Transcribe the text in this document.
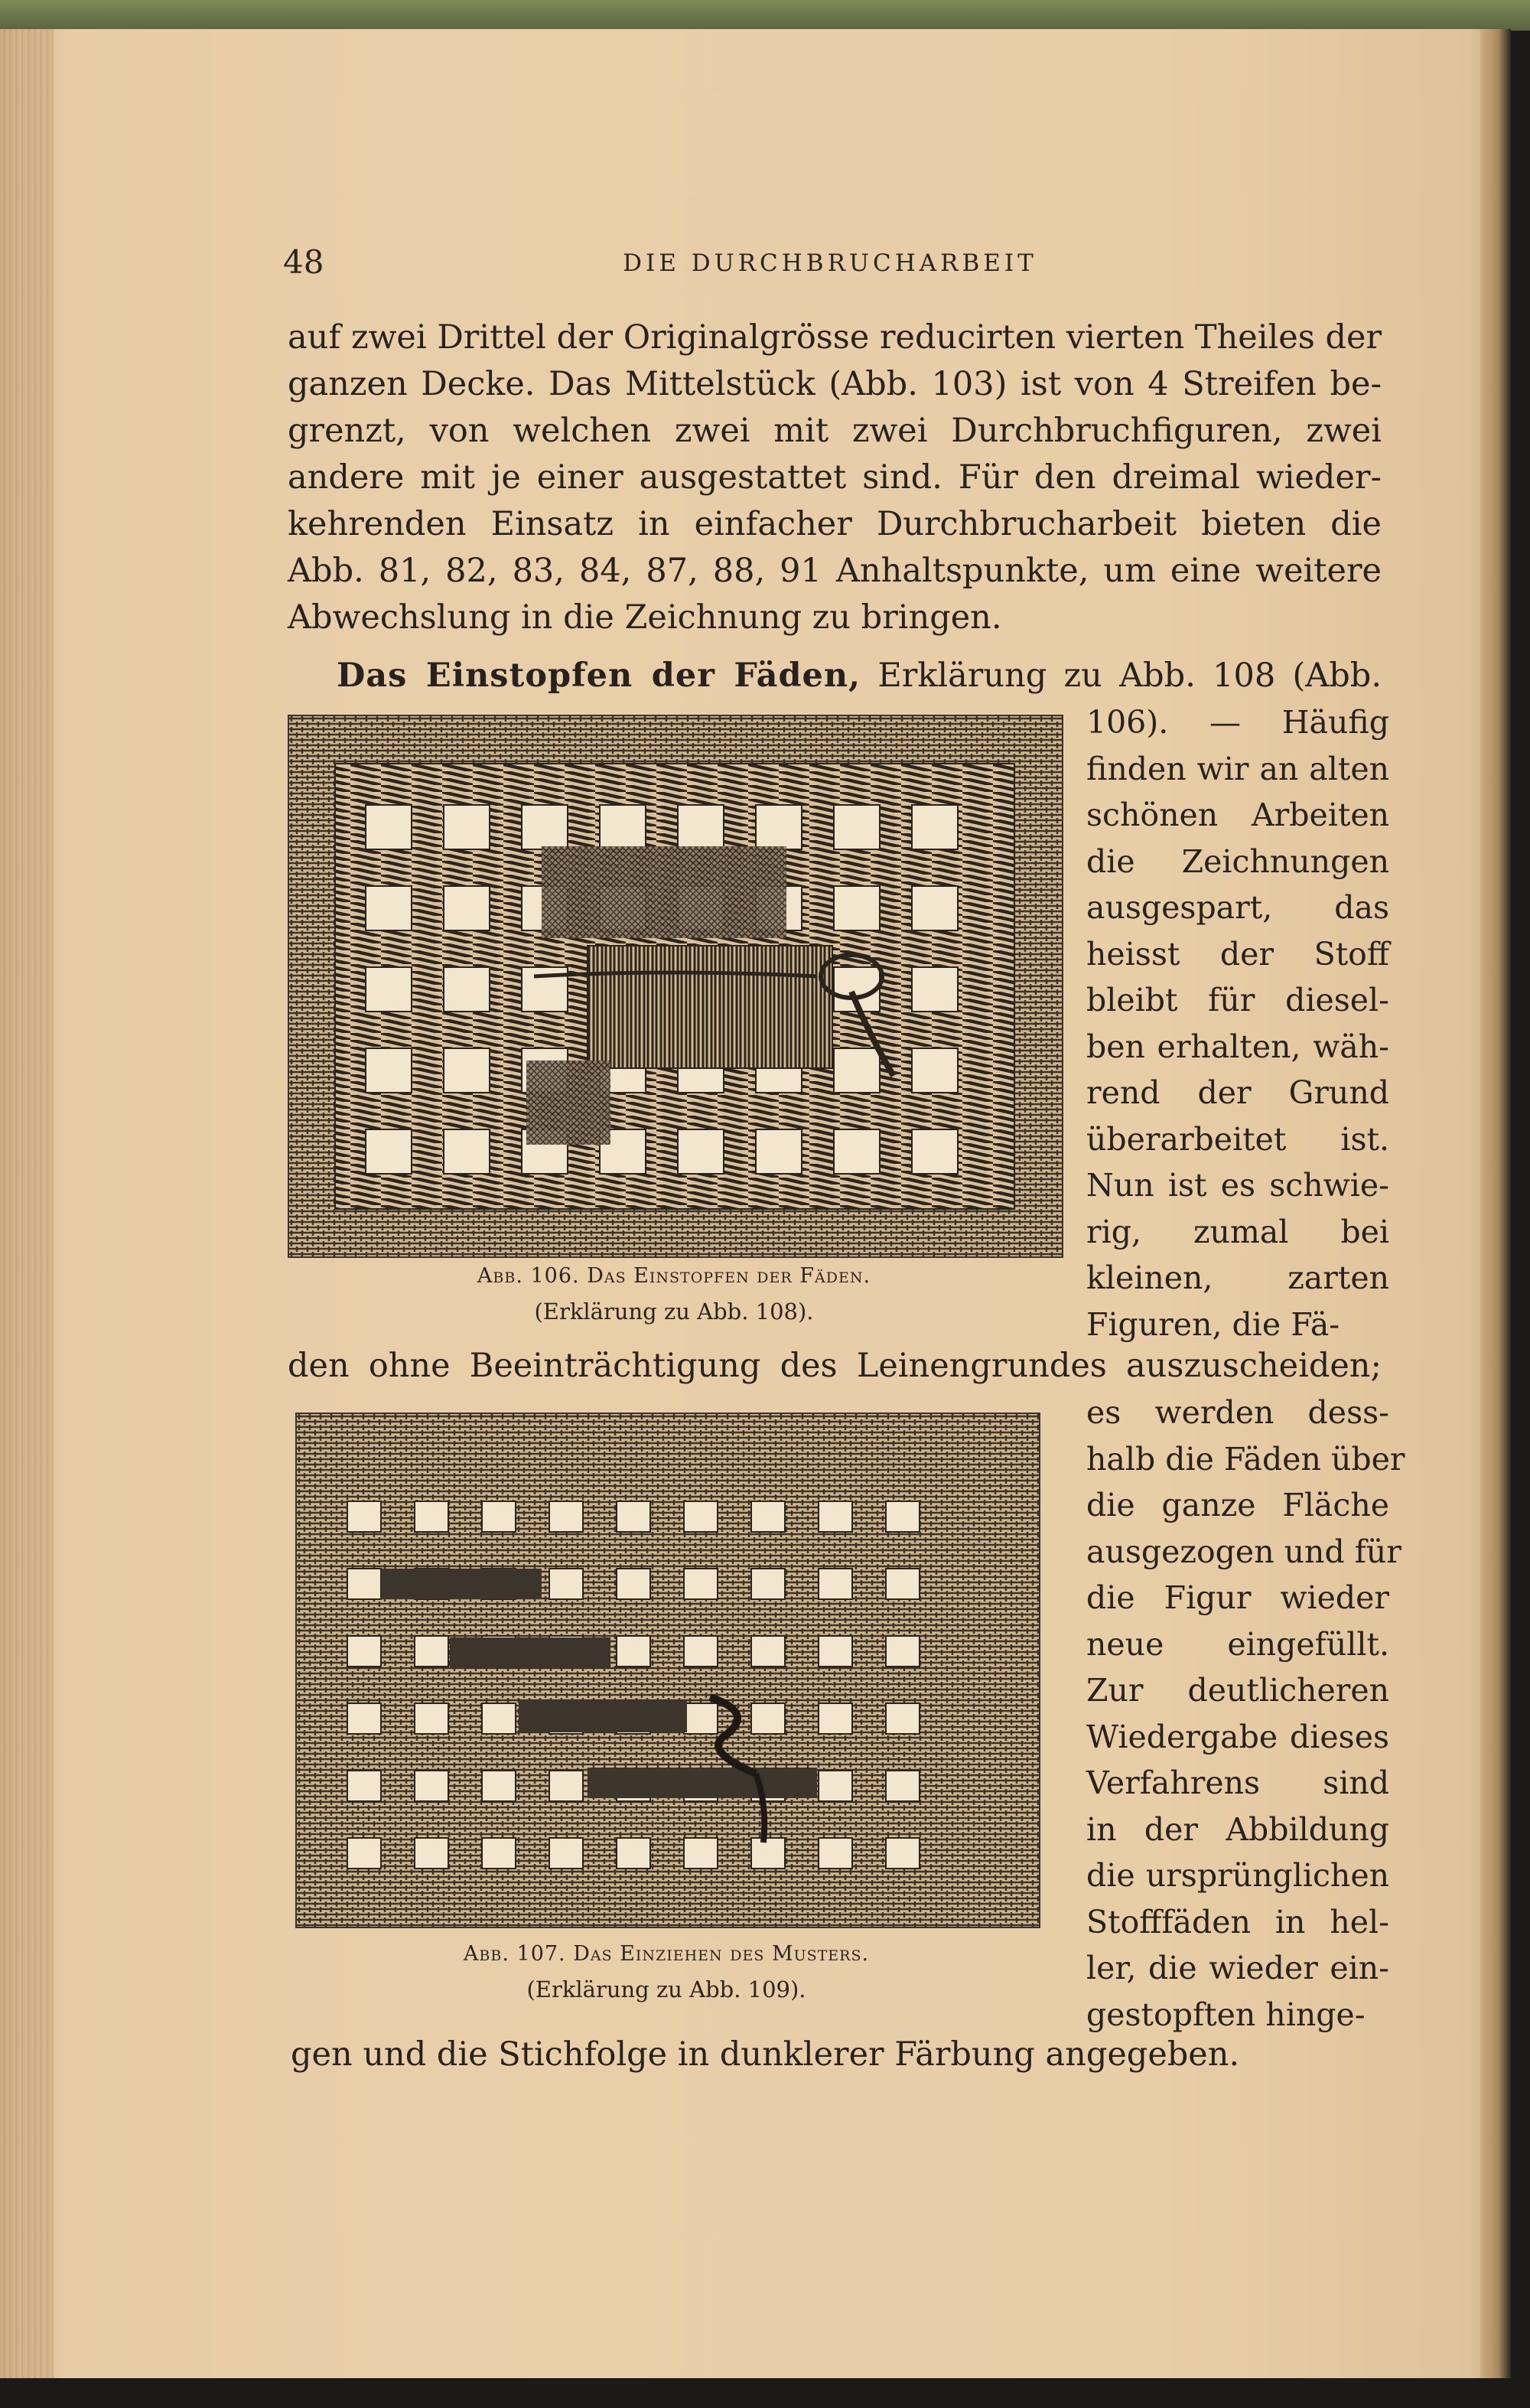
48	DIE DURCHBRUCHARBEIT
auf zwei Drittel der Originalgrösse reducirten vierten Theiles der
ganzen Decke. Das Mittelstück (Abb. 103) ist von 4 Streifen be-
grenzt, von welchen zwei mit zwei Durchbruchfiguren, zwei
andere mit je einer ausgestattet sind. Für den dreimal wieder-
kehrenden Einsatz in einfacher Durchbrucharbeit bieten die
Abb. 81, 82, 83, 84, 87, 88, 91 Anhaltspunkte, um eine weitere
Abwechslung in die Zeichnung zu bringen.
Das Einstopfen der Fäden, Erklärung zu Abb. 108 (Abb.
Abb. 106. Das Einstopfen der Fäden.
(Erklärung zu Abb. 108).
106). — Häufig
finden wir an alten
schönen Arbeiten
die Zeichnungen
ausgespart, das
heisst der Stoff
bleibt für diesel-
ben erhalten, wäh-
rend der Grund
überarbeitet ist.
Nun ist es schwie-
rig, zumal bei
kleinen, zarten
Figuren, die Fä-
den ohne Beeinträchtigung des Leinengrundes auszuscheiden;
Abb. 107. Das Einziehen des Musters.
(Erklärung zu Abb. 109).
es werden dess-
halb die Fäden über
die ganze Fläche
ausgezogen und für
die Figur wieder
neue eingefüllt.
Zur deutlicheren
Wiedergabe dieses
Verfahrens sind
in der Abbildung
die ursprünglichen
Stofffäden in hel-
ler, die wieder ein-
gestopften hinge-
gen und die Stichfolge in dunklerer Färbung angegeben.
